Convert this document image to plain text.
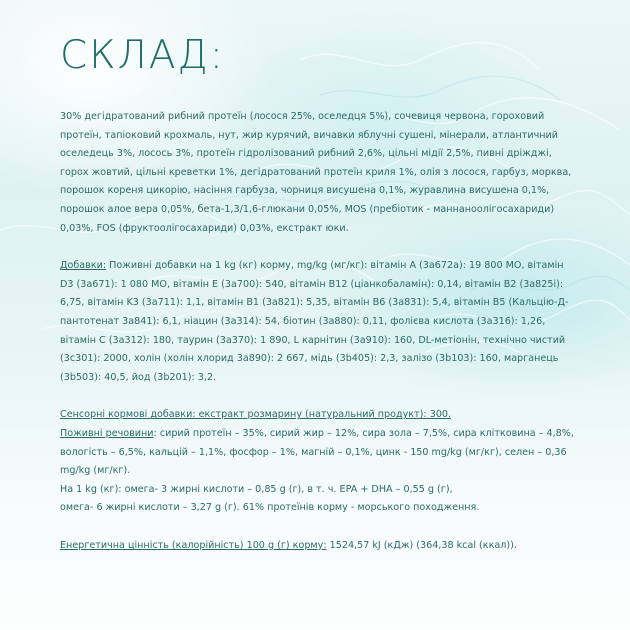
СКЛАД:

30% дегідратований рибний протеїн (лосося 25%, оселедця 5%), сочевиця червона, гороховий протеїн, тапіоковий крохмаль, нут, жир курячий, вичавки яблучні сушені, мінерали, атлантичний оселедець 3%, лосось 3%, протеїн гідролізований рибний 2,6%, цільні мідії 2,5%, пивні дріжджі, горох жовтий, цільні креветки 1%, дегідратований протеїн криля 1%, олія з лосося, гарбуз, морква, порошок кореня цикорію, насіння гарбуза, чорниця висушена 0,1%, журавлина висушена 0,1%, порошок алое вера 0,05%, бета-1,3/1,6-глюкани 0,05%, MOS (пребіотик - маннаноолігосахариди) 0,03%, FOS (фруктоолігосахариди) 0,03%, екстракт юки.

Добавки: Поживні добавки на 1 kg (кг) корму, mg/kg (мг/кг): вітамін А (3a672a): 19 800 МО, вітамін D3 (3a671): 1 080 МО, вітамін E (3a700): 540, вітамін B12 (ціанкобаламін): 0,14, вітамін B2 (3a825i): 6,75, вітамін K3 (3a711): 1,1, вітамін B1 (3a821): 5,35, вітамін B6 (3a831): 5,4, вітамін B5 (Кальцію-Д-пантотенат 3a841): 6,1, ніацин (3a314): 54, біотин (3a880): 0,11, фолієва кислота (3a316): 1,26, вітамін C (3a312): 180, таурин (3a370): 1 890, L карнітин (3a910): 160, DL-метіонін, технічно чистий (3c301): 2000, холін (холін хлорид 3a890): 2 667, мідь (3b405): 2,3, залізо (3b103): 160, марганець (3b503): 40,5, йод (3b201): 3,2.

Сенсорні кормові добавки: екстракт розмарину (натуральний продукт): 300.

Поживні речовини: сирий протеїн – 35%, сирий жир – 12%, сира зола – 7,5%, сира клітковина – 4,8%, вологість – 6,5%, кальцій – 1,1%, фосфор – 1%, магній – 0,1%, цинк - 150 mg/kg (мг/кг), селен – 0,36 mg/kg (мг/кг).

На 1 kg (кг): омега- 3 жирні кислоти – 0,85 g (г), в т. ч. EPA + DHA – 0,55 g (г),

омега- 6 жирні кислоти – 3,27 g (г). 61% протеїнів корму - морського походження.

Енергетична цінність (калорійність) 100 g (г) корму: 1524,57 kJ (кДж) (364,38 kcal (ккал)).
